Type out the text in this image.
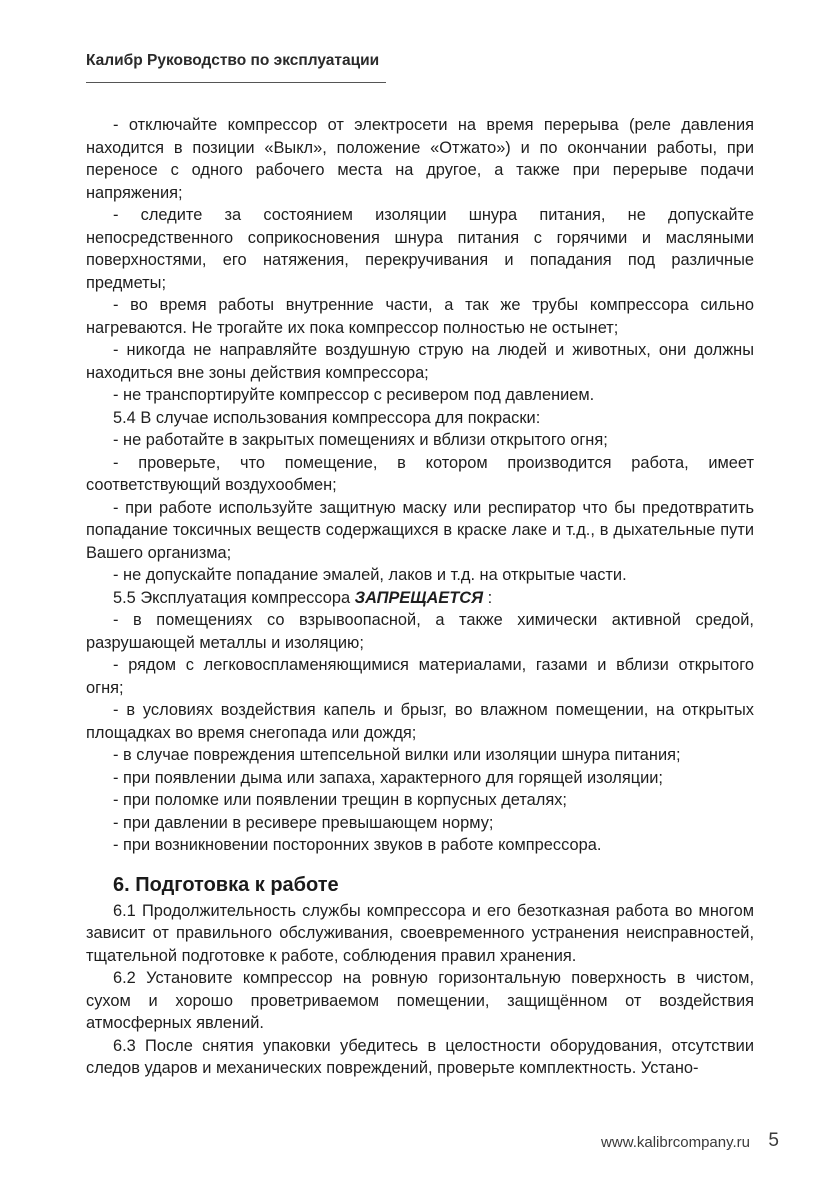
Калибр Руководство по эксплуатации

- отключайте компрессор от электросети на время перерыва (реле давления находится в позиции «Выкл», положение «Отжато») и по окончании работы, при переносе с одного рабочего места на другое, а также при перерыве подачи напряжения;

- следите за состоянием изоляции шнура питания, не допускайте непосредственного соприкосновения шнура питания с горячими и масляными поверхностями, его натяжения, перекручивания и попадания под различные предметы;

- во время работы внутренние части, а так же трубы компрессора сильно нагреваются. Не трогайте их пока компрессор полностью не остынет;

- никогда не направляйте воздушную струю на людей и животных, они должны находиться вне зоны действия компрессора;

- не транспортируйте компрессор с ресивером под давлением.

5.4 В случае использования компрессора для покраски:

- не работайте в закрытых помещениях и вблизи открытого огня;

- проверьте, что помещение, в котором производится работа, имеет соответствующий воздухообмен;

- при работе используйте защитную маску или респиратор что бы предотвратить попадание токсичных веществ содержащихся в краске лаке и т.д., в дыхательные пути Вашего организма;

- не допускайте попадание эмалей, лаков и т.д. на открытые части.

5.5 Эксплуатация компрессора ЗАПРЕЩАЕТСЯ :

- в помещениях со взрывоопасной, а также химически активной средой, разрушающей металлы и изоляцию;

- рядом с легковоспламеняющимися материалами, газами и вблизи открытого огня;

- в условиях воздействия капель и брызг, во влажном помещении, на открытых площадках во время снегопада или дождя;

- в случае повреждения штепсельной вилки или изоляции шнура питания;

- при появлении дыма или запаха, характерного для горящей изоляции;

- при поломке или появлении трещин в корпусных деталях;

- при давлении в ресивере превышающем норму;

- при возникновении посторонних звуков в работе компрессора.

6. Подготовка к работе

6.1 Продолжительность службы компрессора и его безотказная работа во многом зависит от правильного обслуживания, своевременного устранения неисправностей, тщательной подготовке к работе, соблюдения правил хранения.

6.2 Установите компрессор на ровную горизонтальную поверхность в чистом, сухом и хорошо проветриваемом помещении, защищённом от воздействия атмосферных явлений.

6.3 После снятия упаковки убедитесь в целостности оборудования, отсутствии следов ударов и механических повреждений, проверьте комплектность. Устано-

www.kalibrcompany.ru 5
